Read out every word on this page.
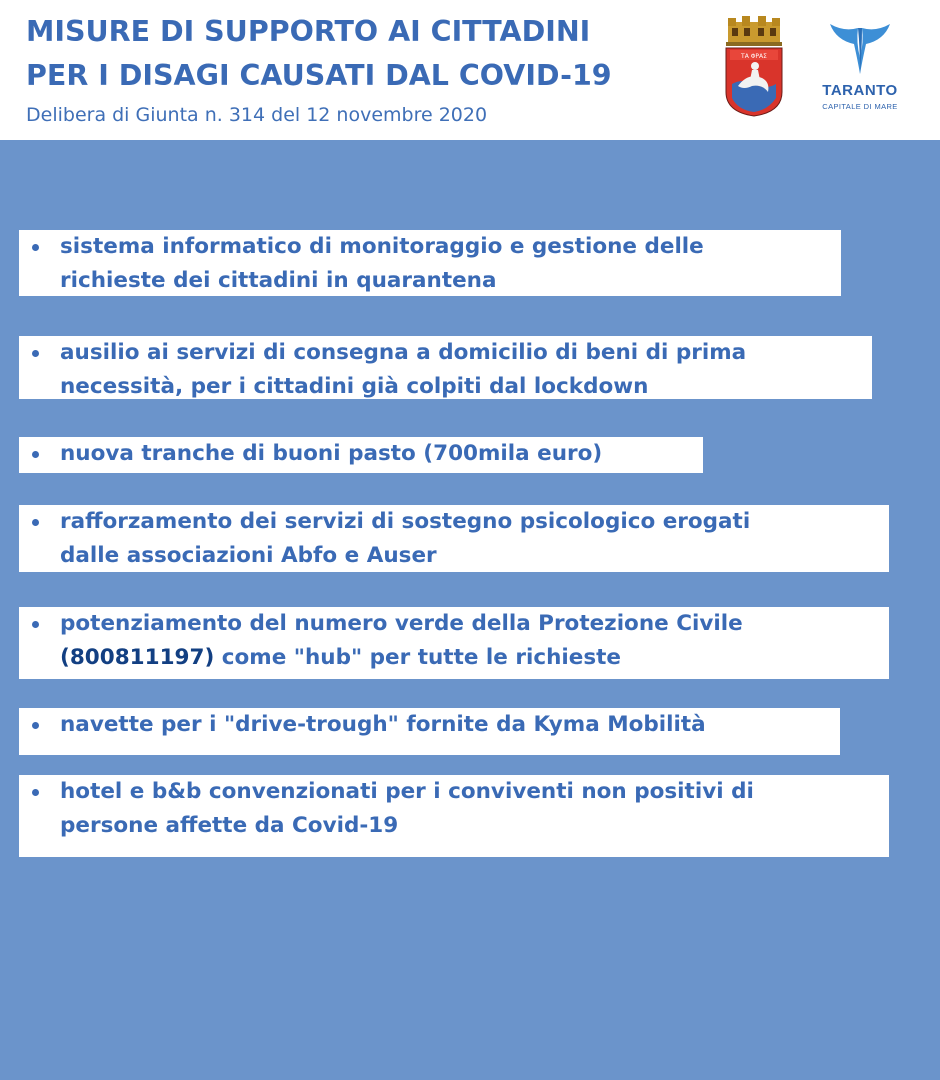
MISURE DI SUPPORTO AI CITTADINI
PER I DISAGI CAUSATI DAL COVID-19

Delibera di Giunta n. 314 del 12 novembre 2020

ΤΑ ΦΡΑΣ
TARANTO
CAPITALE DI MARE

sistema informatico di monitoraggio e gestione delle
richieste dei cittadini in quarantena

ausilio ai servizi di consegna a domicilio di beni di prima
necessità, per i cittadini già colpiti dal lockdown

nuova tranche di buoni pasto (700mila euro)

rafforzamento dei servizi di sostegno psicologico erogati
dalle associazioni Abfo e Auser

potenziamento del numero verde della Protezione Civile
(800811197) come "hub" per tutte le richieste

navette per i "drive-trough" fornite da Kyma Mobilità

hotel e b&b convenzionati per i conviventi non positivi di
persone affette da Covid-19
